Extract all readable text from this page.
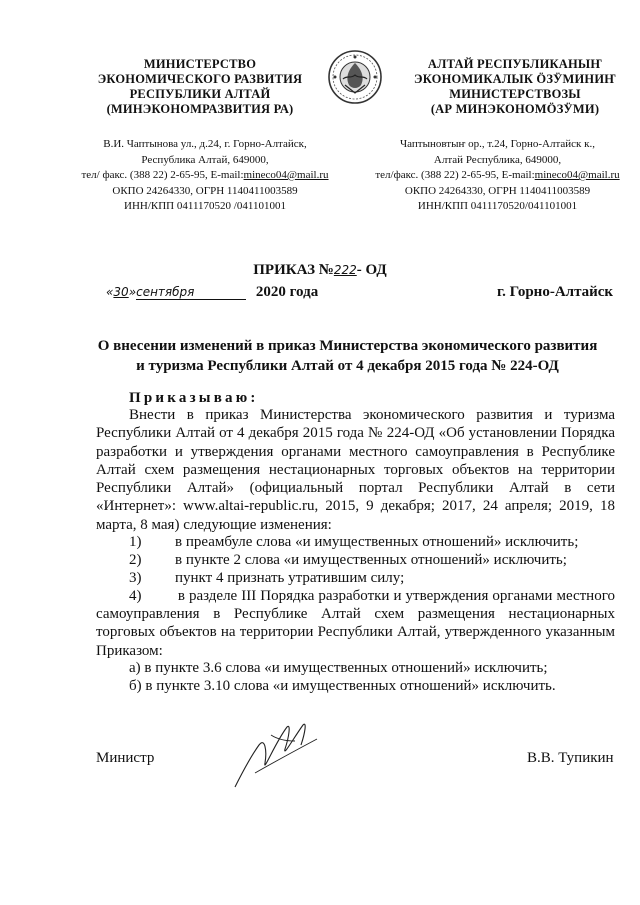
МИНИСТЕРСТВО
ЭКОНОМИЧЕСКОГО РАЗВИТИЯ
РЕСПУБЛИКИ АЛТАЙ
(МИНЭКОНОМРАЗВИТИЯ РА)
В.И. Чаптынова ул., д.24, г. Горно-Алтайск,
Республика Алтай, 649000,
тел/ факс. (388 22) 2-65-95, E-mail:mineco04@mail.ru
ОКПО 24264330, ОГРН 1140411003589
ИНН/КПП 0411170520 /041101001
АЛТАЙ РЕСПУБЛИКАНЫҤ
ЭКОНОМИКАЛЫК ӦЗӰМИНИҤ
МИНИСТЕРСТВОЗЫ
(АР МИНЭКОНОМӦЗӰМИ)
Чаптыновтыҥ ор., т.24, Горно-Алтайск к.,
Алтай Республика, 649000,
тел/факс. (388 22) 2-65-95, E-mail:mineco04@mail.ru
ОКПО 24264330, ОГРН 1140411003589
ИНН/КПП 0411170520/041101001
ПРИКАЗ №222- ОД
«30»сентября	2020 года	г. Горно-Алтайск
О внесении изменений в приказ Министерства экономического развития
и туризма Республики Алтай от 4 декабря 2015 года № 224-ОД
Приказываю:
Внести в приказ Министерства экономического развития и туризма Республики Алтай от 4 декабря 2015 года № 224-ОД «Об установлении Порядка разработки и утверждения органами местного самоуправления в Республике Алтай схем размещения нестационарных торговых объектов на территории Республики Алтай» (официальный портал Республики Алтай в сети «Интернет»: www.altai-republic.ru, 2015, 9 декабря; 2017, 24 апреля; 2019, 18 марта, 8 мая) следующие изменения:
1) в преамбуле слова «и имущественных отношений» исключить;
2) в пункте 2 слова «и имущественных отношений» исключить;
3) пункт 4 признать утратившим силу;
4)         в разделе III Порядка разработки и утверждения органами местного самоуправления в Республике Алтай схем размещения нестационарных торговых объектов на территории Республики Алтай, утвержденного указанным Приказом:
а) в пункте 3.6 слова «и имущественных отношений» исключить;
б) в пункте 3.10 слова «и имущественных отношений» исключить.
Министр	В.В. Тупикин
